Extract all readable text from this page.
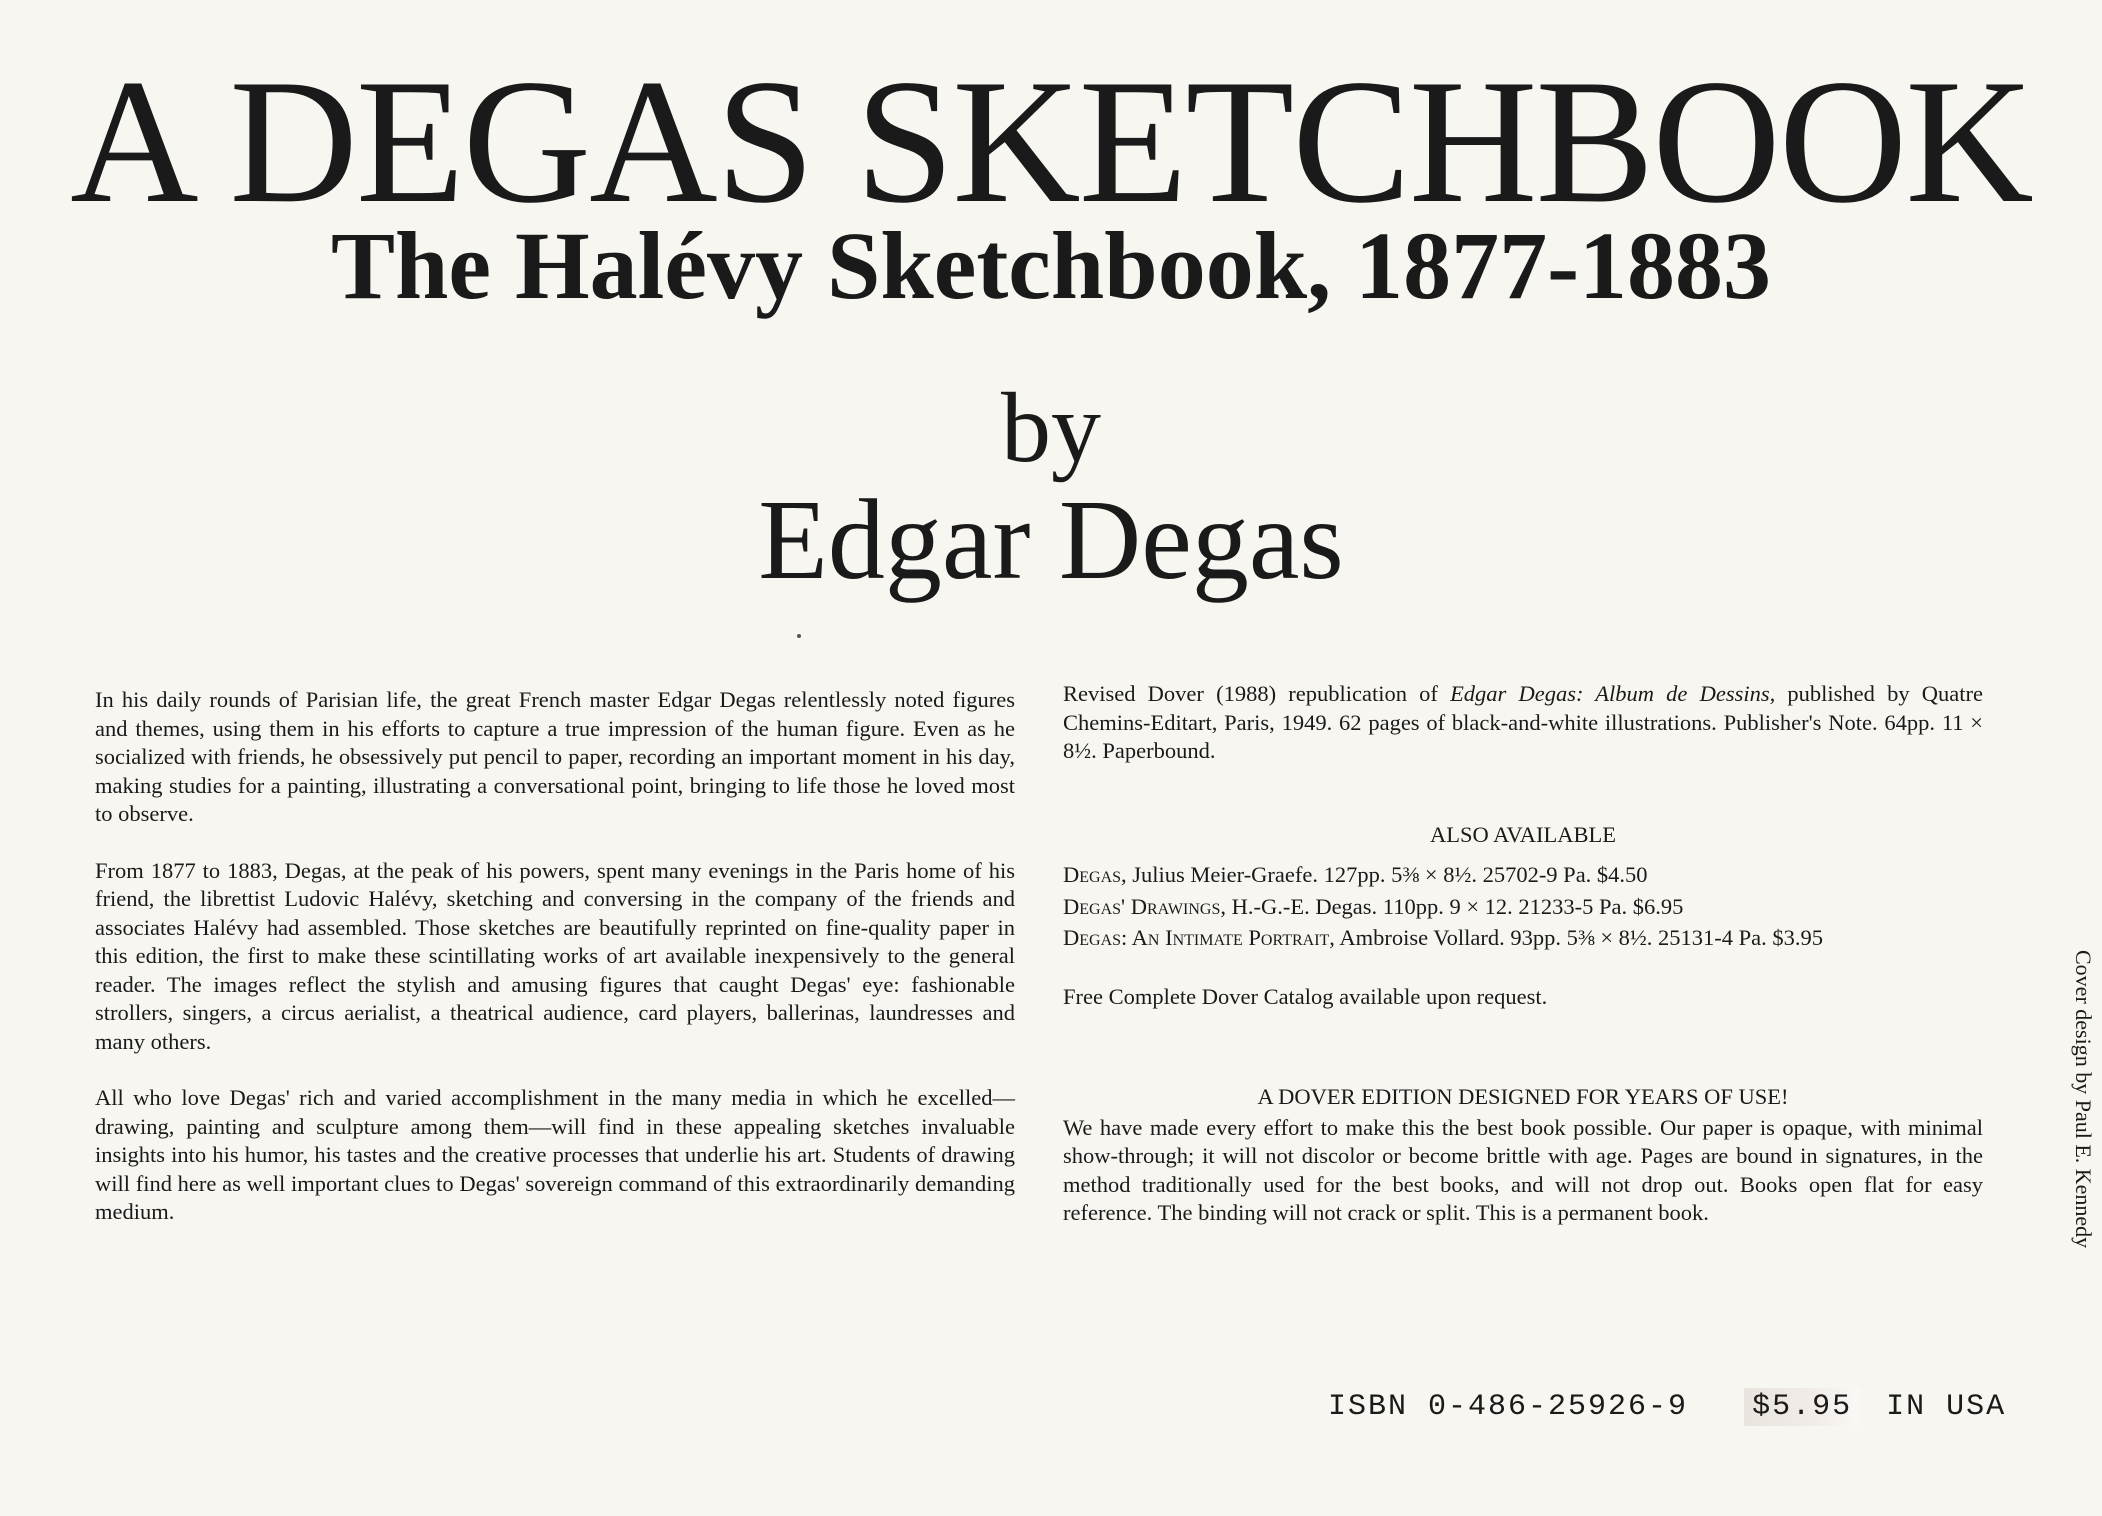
A DEGAS SKETCHBOOK
The Halévy Sketchbook, 1877-1883
by
Edgar Degas

In his daily rounds of Parisian life, the great French master Edgar Degas relentlessly noted figures and themes, using them in his efforts to capture a true impression of the human figure. Even as he socialized with friends, he obsessively put pencil to paper, recording an important moment in his day, making studies for a painting, illustrating a conversational point, bringing to life those he loved most to observe.

From 1877 to 1883, Degas, at the peak of his powers, spent many evenings in the Paris home of his friend, the librettist Ludovic Halévy, sketching and conversing in the company of the friends and associates Halévy had assembled. Those sketches are beautifully reprinted on fine-quality paper in this edition, the first to make these scintillating works of art available inexpensively to the general reader. The images reflect the stylish and amusing figures that caught Degas' eye: fashionable strollers, singers, a circus aerialist, a theatrical audience, card players, ballerinas, laundresses and many others.

All who love Degas' rich and varied accomplishment in the many media in which he excelled—drawing, painting and sculpture among them—will find in these appealing sketches invaluable insights into his humor, his tastes and the creative processes that underlie his art. Students of drawing will find here as well important clues to Degas' sovereign command of this extraordinarily demanding medium.

Revised Dover (1988) republication of Edgar Degas: Album de Dessins, published by Quatre Chemins-Editart, Paris, 1949. 62 pages of black-and-white illustrations. Publisher's Note. 64pp. 11 × 8½. Paperbound.

ALSO AVAILABLE

Degas, Julius Meier-Graefe. 127pp. 5⅜ × 8½. 25702-9 Pa. $4.50
Degas' Drawings, H.-G.-E. Degas. 110pp. 9 × 12. 21233-5 Pa. $6.95
Degas: An Intimate Portrait, Ambroise Vollard. 93pp. 5⅜ × 8½. 25131-4 Pa. $3.95

Free Complete Dover Catalog available upon request.

A DOVER EDITION DESIGNED FOR YEARS OF USE!

We have made every effort to make this the best book possible. Our paper is opaque, with minimal show-through; it will not discolor or become brittle with age. Pages are bound in signatures, in the method traditionally used for the best books, and will not drop out. Books open flat for easy reference. The binding will not crack or split. This is a permanent book.	Cover design by Paul E. Kennedy
ISBN 0-486-25926-9 $5.95 IN USA
